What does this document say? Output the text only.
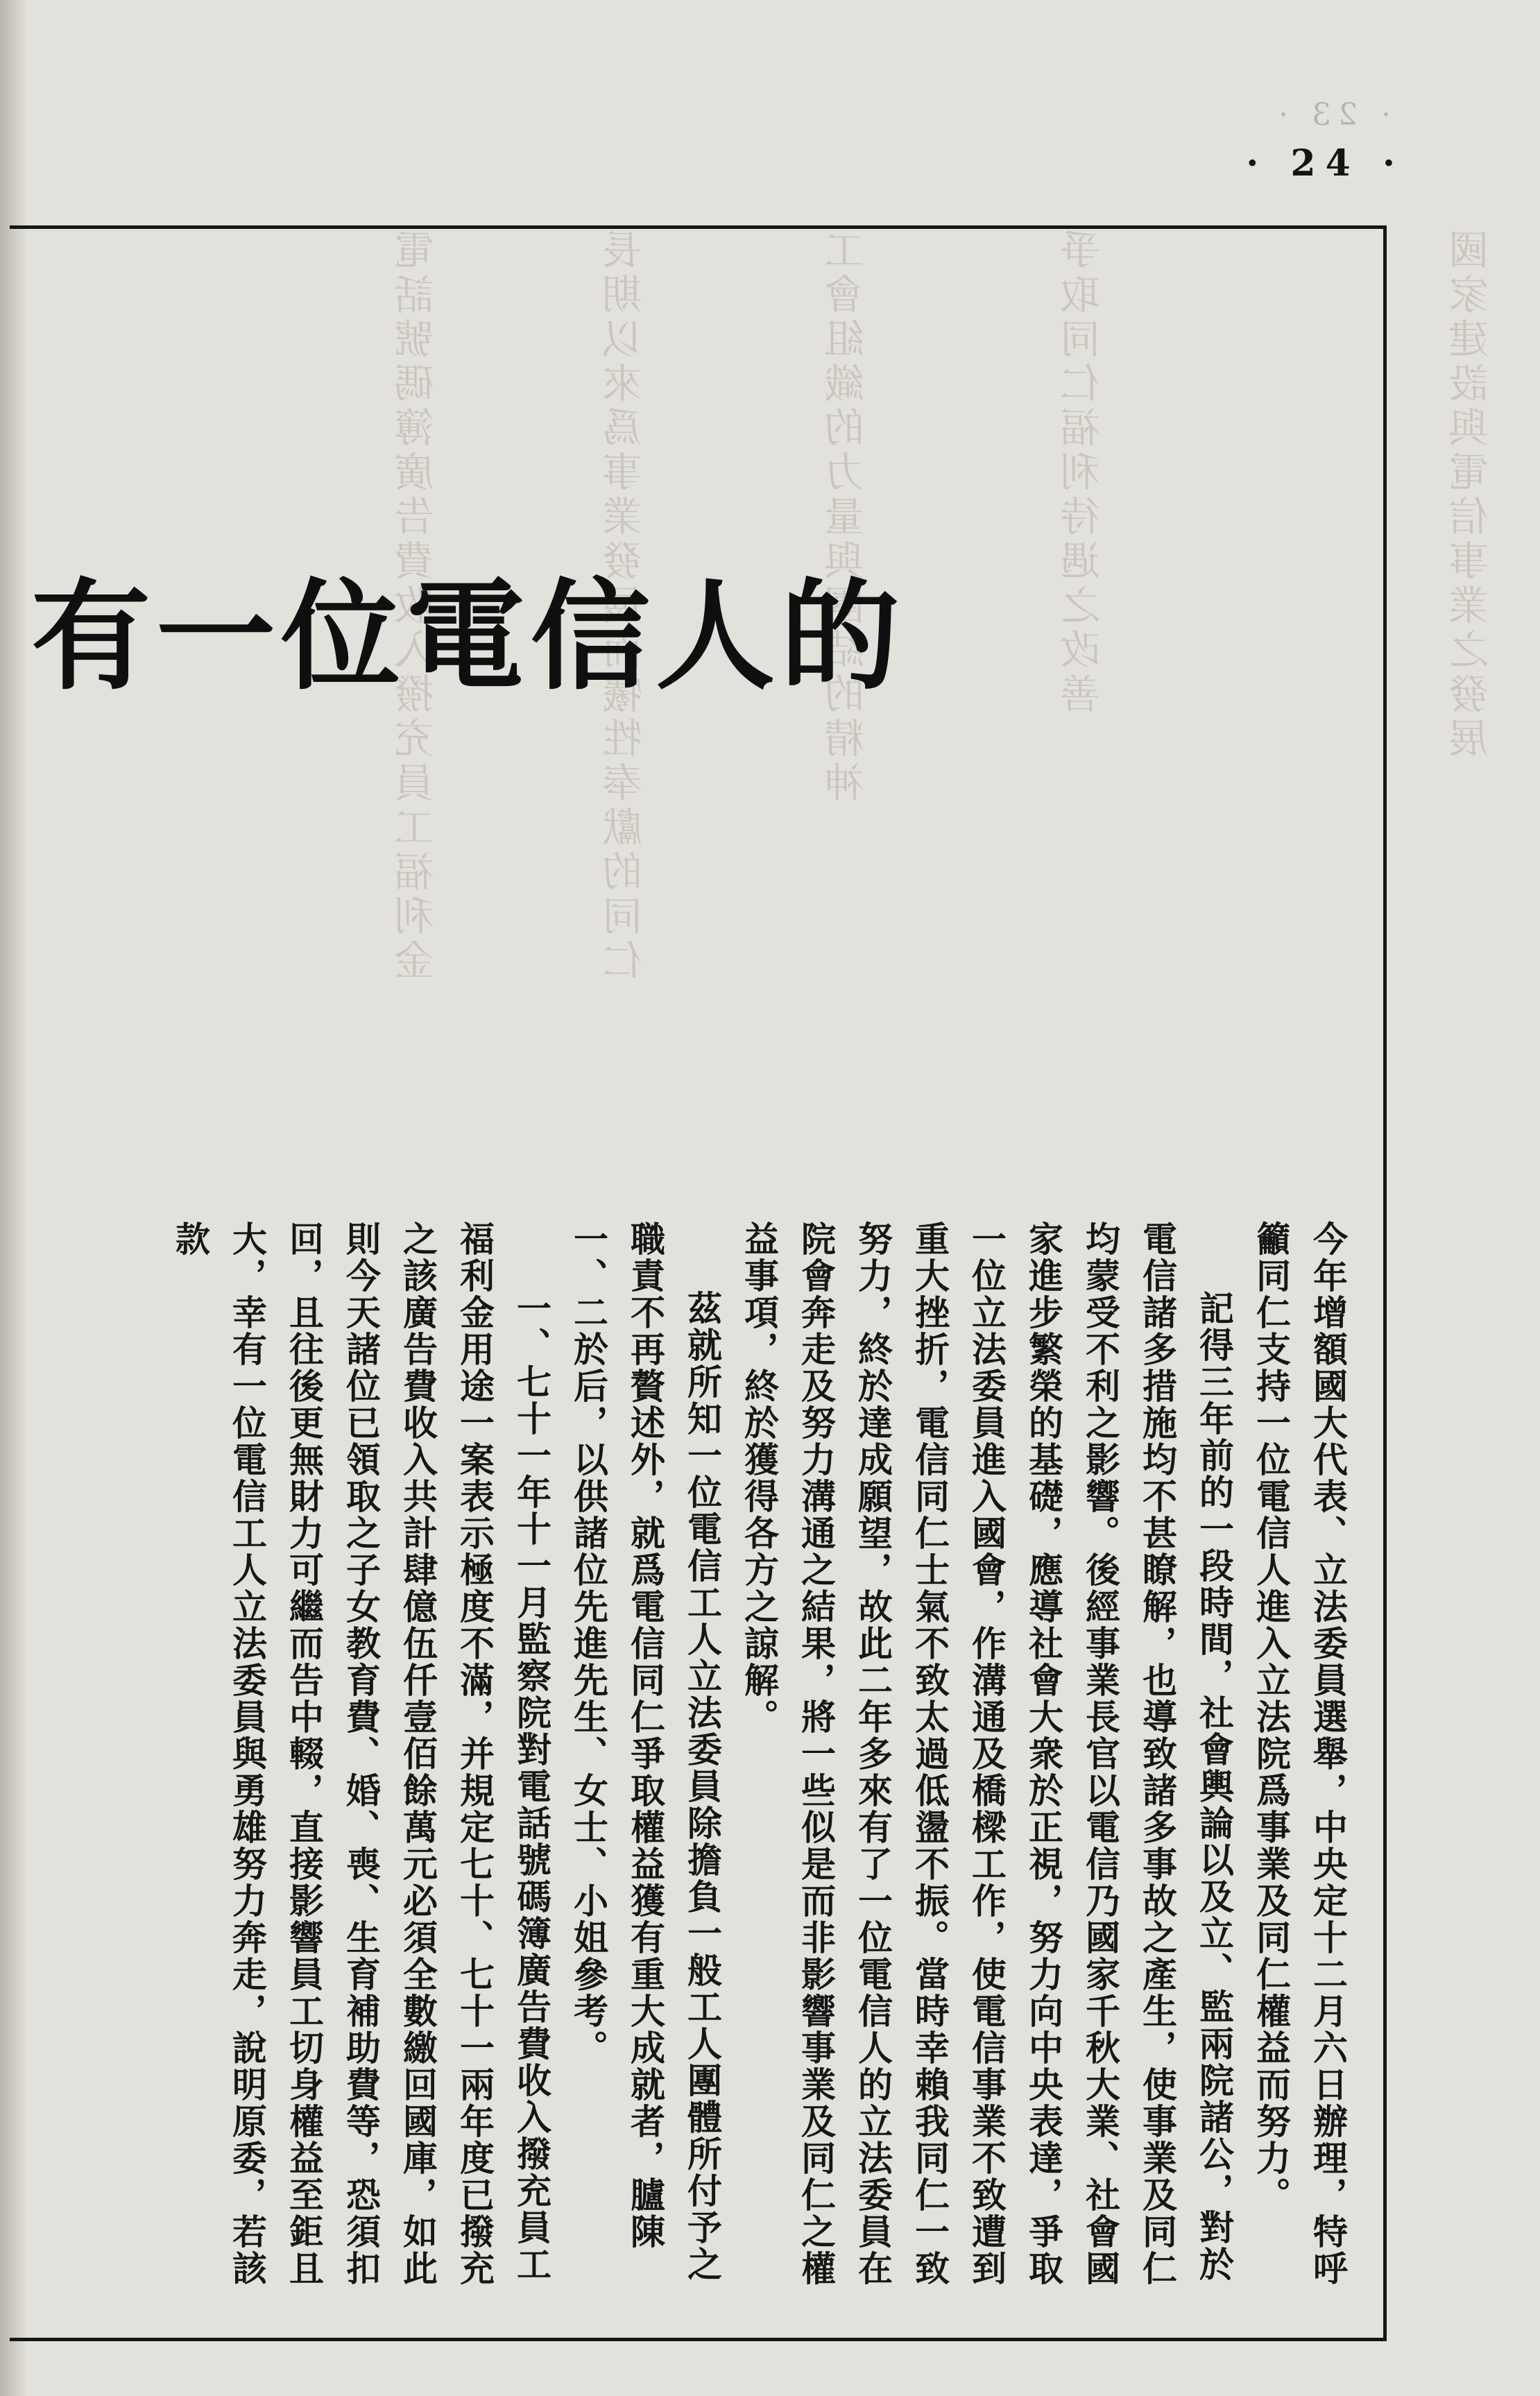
電話號碼簿廣告費收入撥充員工福利金	長期以來爲事業發展而犧牲奉獻的同仁	工會組織的力量與團結的精神	爭取同仁福利待遇之改善	國家建設與電信事業之發展
· 23 ·
· 24 ·
有一位電信人的

今年增額國大代表、立法委員選舉，中央定十二月六日辦理，特呼籲同仁支持一位電信人進入立法院爲事業及同仁權益而努力。

記得三年前的一段時間，社會輿論以及立、監兩院諸公，對於電信諸多措施均不甚瞭解，也導致諸多事故之產生，使事業及同仁均蒙受不利之影響。後經事業長官以電信乃國家千秋大業、社會國家進步繁榮的基礎，應導社會大衆於正視，努力向中央表達，爭取一位立法委員進入國會，作溝通及橋樑工作，使電信事業不致遭到重大挫折，電信同仁士氣不致太過低盪不振。當時幸賴我同仁一致努力，終於達成願望，故此二年多來有了一位電信人的立法委員在院會奔走及努力溝通之結果，將一些似是而非影響事業及同仁之權益事項，終於獲得各方之諒解。

茲就所知一位電信工人立法委員除擔負一般工人團體所付予之職責不再贅述外，就爲電信同仁爭取權益獲有重大成就者，臚陳一、二於后，以供諸位先進先生、女士、小姐參考。

一、七十一年十一月監察院對電話號碼簿廣告費收入撥充員工福利金用途一案表示極度不滿，并規定七十、七十一兩年度已撥充之該廣告費收入共計肆億伍仟壹佰餘萬元必須全數繳回國庫，如此則今天諸位已領取之子女教育費、婚、喪、生育補助費等，恐須扣回，且往後更無財力可繼而告中輟，直接影響員工切身權益至鉅且大，幸有一位電信工人立法委員與勇雄努力奔走，說明原委，若該款
